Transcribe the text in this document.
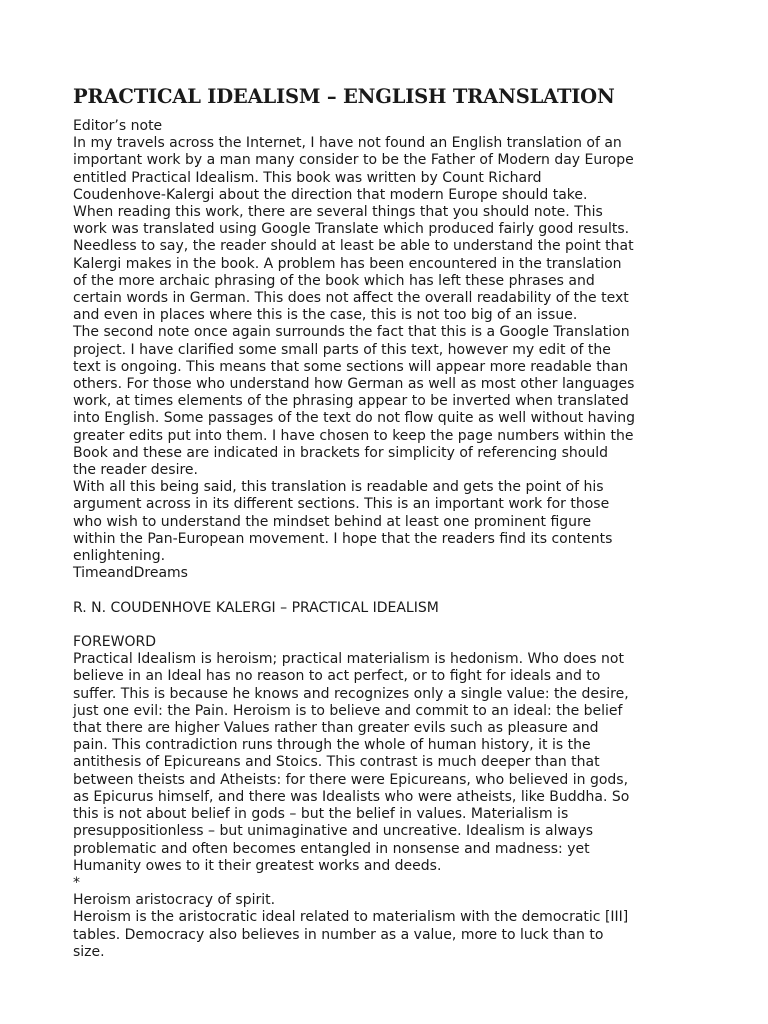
PRACTICAL IDEALISM – ENGLISH TRANSLATION
Editor’s note
In my travels across the Internet, I have not found an English translation of an
important work by a man many consider to be the Father of Modern day Europe
entitled Practical Idealism. This book was written by Count Richard
Coudenhove-Kalergi about the direction that modern Europe should take.
When reading this work, there are several things that you should note. This
work was translated using Google Translate which produced fairly good results.
Needless to say, the reader should at least be able to understand the point that
Kalergi makes in the book. A problem has been encountered in the translation
of the more archaic phrasing of the book which has left these phrases and
certain words in German. This does not affect the overall readability of the text
and even in places where this is the case, this is not too big of an issue.
The second note once again surrounds the fact that this is a Google Translation
project. I have clarified some small parts of this text, however my edit of the
text is ongoing. This means that some sections will appear more readable than
others. For those who understand how German as well as most other languages
work, at times elements of the phrasing appear to be inverted when translated
into English. Some passages of the text do not flow quite as well without having
greater edits put into them. I have chosen to keep the page numbers within the
Book and these are indicated in brackets for simplicity of referencing should
the reader desire.
With all this being said, this translation is readable and gets the point of his
argument across in its different sections. This is an important work for those
who wish to understand the mindset behind at least one prominent figure
within the Pan-European movement. I hope that the readers find its contents
enlightening.
TimeandDreams
R. N. COUDENHOVE KALERGI – PRACTICAL IDEALISM
FOREWORD
Practical Idealism is heroism; practical materialism is hedonism. Who does not
believe in an Ideal has no reason to act perfect, or to fight for ideals and to
suffer. This is because he knows and recognizes only a single value: the desire,
just one evil: the Pain. Heroism is to believe and commit to an ideal: the belief
that there are higher Values rather than greater evils such as pleasure and
pain. This contradiction runs through the whole of human history, it is the
antithesis of Epicureans and Stoics. This contrast is much deeper than that
between theists and Atheists: for there were Epicureans, who believed in gods,
as Epicurus himself, and there was Idealists who were atheists, like Buddha. So
this is not about belief in gods – but the belief in values. Materialism is
presuppositionless – but unimaginative and uncreative. Idealism is always
problematic and often becomes entangled in nonsense and madness: yet
Humanity owes to it their greatest works and deeds.
*
Heroism aristocracy of spirit.
Heroism is the aristocratic ideal related to materialism with the democratic [III]
tables. Democracy also believes in number as a value, more to luck than to
size.
